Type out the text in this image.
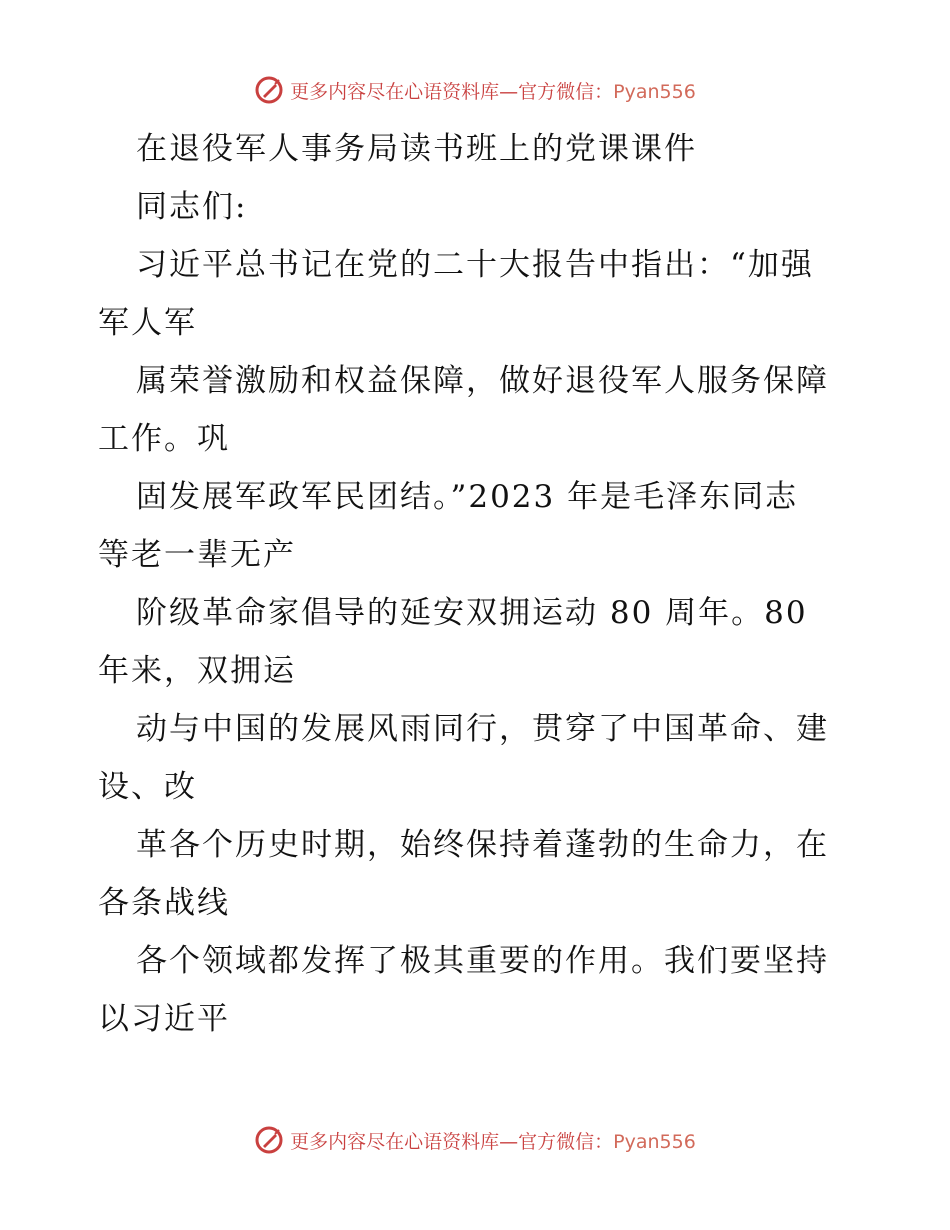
更多内容尽在心语资料库—官方微信：Pyan556
在退役军人事务局读书班上的党课课件
同志们:
习近平总书记在党的二十大报告中指出：“加强
军人军
属荣誉激励和权益保障，做好退役军人服务保障
工作。巩
固发展军政军民团结。”2023 年是毛泽东同志
等老一辈无产
阶级革命家倡导的延安双拥运动 80 周年。80
年来，双拥运
动与中国的发展风雨同行，贯穿了中国革命、建
设、改
革各个历史时期，始终保持着蓬勃的生命力，在
各条战线
各个领域都发挥了极其重要的作用。我们要坚持
以习近平
更多内容尽在心语资料库—官方微信：Pyan556
